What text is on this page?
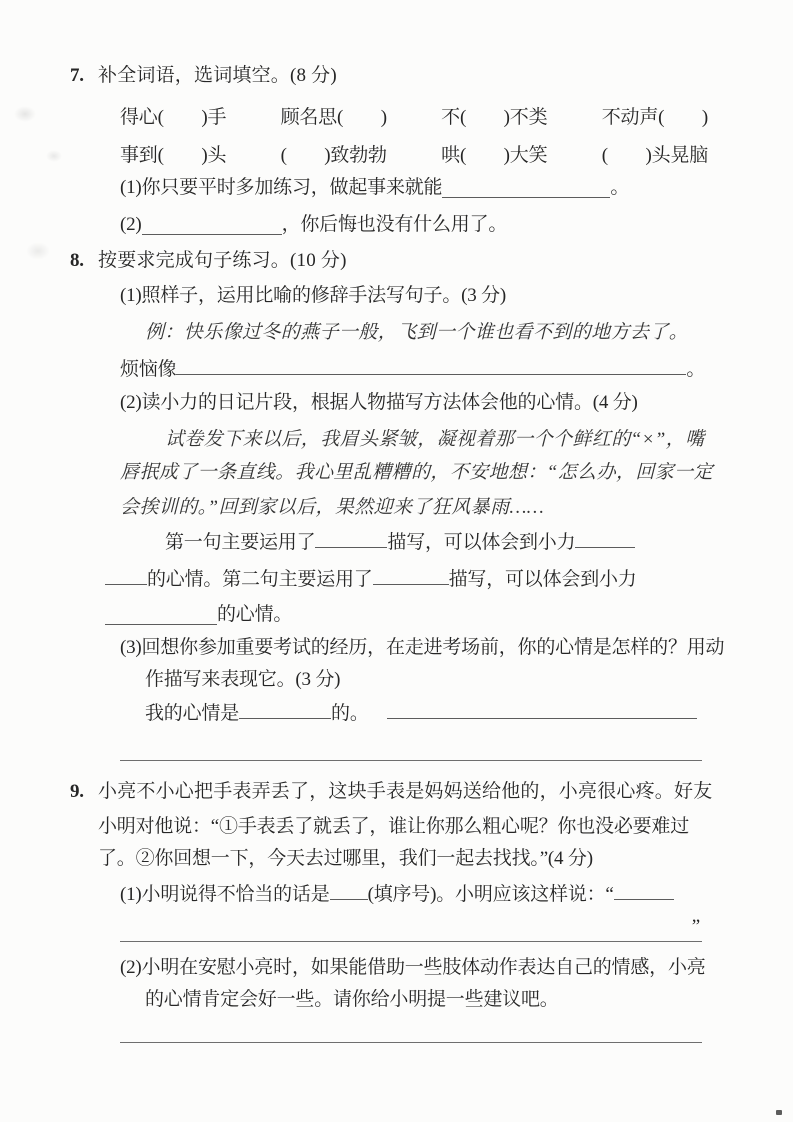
7. 补全词语，选词填空。(8 分)
得心(　　)手	顾名思(　　)	不(　　)不类	不动声(　　)
事到(　　)头	(　　)致勃勃	哄(　　)大笑	(　　)头晃脑
(1)你只要平时多加练习，做起事来就能	。
(2)	，你后悔也没有什么用了。
8. 按要求完成句子练习。(10 分)
(1)照样子，运用比喻的修辞手法写句子。(3 分)
例：快乐像过冬的燕子一般，飞到一个谁也看不到的地方去了。
烦恼像	。
(2)读小力的日记片段，根据人物描写方法体会他的心情。(4 分)
试卷发下来以后，我眉头紧皱，凝视着那一个个鲜红的“×”，嘴
唇抿成了一条直线。我心里乱糟糟的，不安地想：“怎么办，回家一定
会挨训的。”回到家以后，果然迎来了狂风暴雨……
第一句主要运用了	描写，可以体会到小力
的心情。第二句主要运用了	描写，可以体会到小力
的心情。
(3)回想你参加重要考试的经历，在走进考场前，你的心情是怎样的？用动
作描写来表现它。(3 分)
我的心情是	的。
9. 小亮不小心把手表弄丢了，这块手表是妈妈送给他的，小亮很心疼。好友
小明对他说：“①手表丢了就丢了，谁让你那么粗心呢？你也没必要难过
了。②你回想一下，今天去过哪里，我们一起去找找。”(4 分)
(1)小明说得不恰当的话是 (填序号)。小明应该这样说：“
”
(2)小明在安慰小亮时，如果能借助一些肢体动作表达自己的情感，小亮
的心情肯定会好一些。请你给小明提一些建议吧。
